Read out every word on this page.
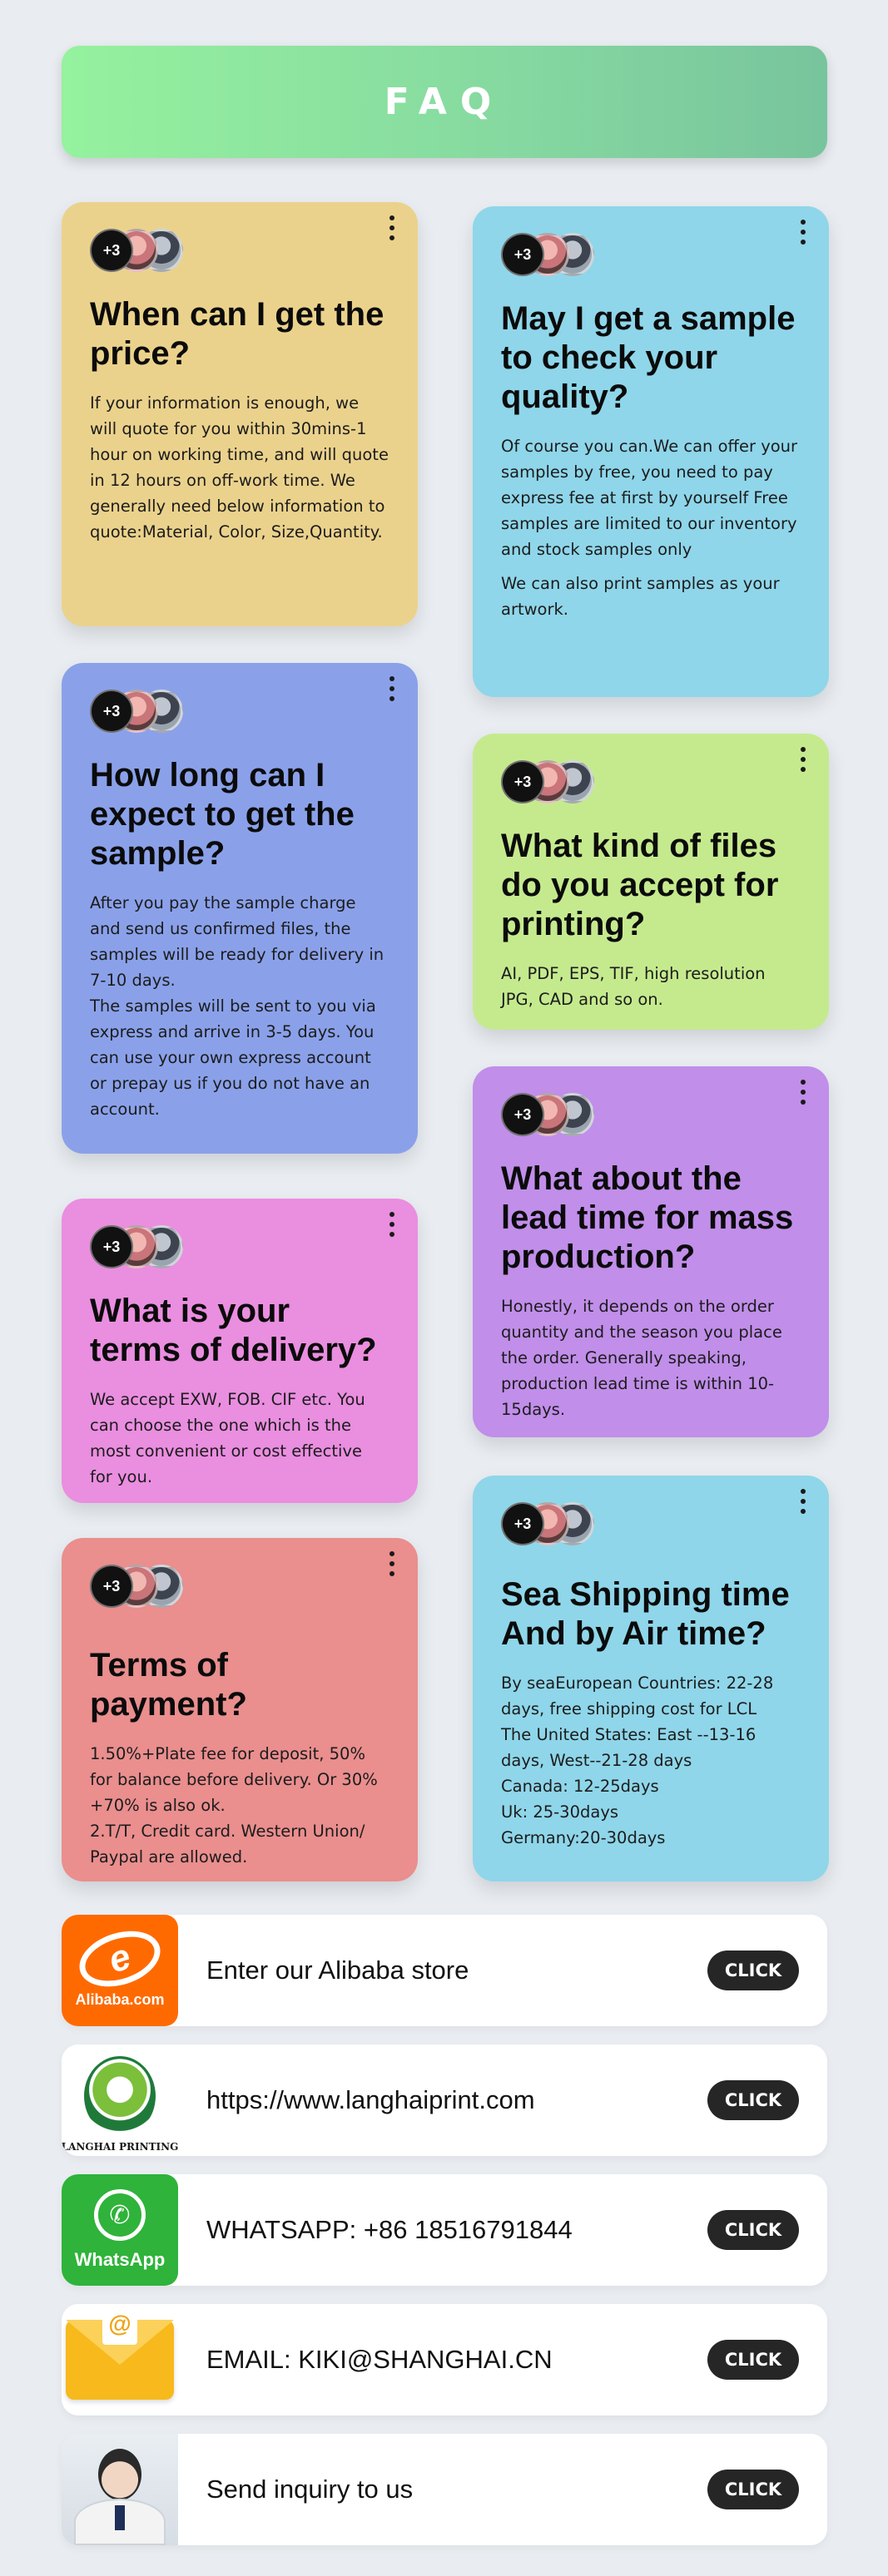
FAQ
+3
When can I get the price?

If your information is enough, we will quote for you within 30mins-1 hour on working time, and will quote in 12 hours on off-work time. We generally need below information to quote:Material, Color, Size,Quantity.

+3
How long can I expect to get the sample?

After you pay the sample charge and send us confirmed files, the samples will be ready for delivery in 7-10 days.
The samples will be sent to you via express and arrive in 3-5 days. You can use your own express account or prepay us if you do not have an account.

+3
What is your terms of delivery?

We accept EXW, FOB. CIF etc. You can choose the one which is the most convenient or cost effective for you.

+3
Terms of payment?

1.50%+Plate fee for deposit, 50% for balance before delivery. Or 30% +70% is also ok.
2.T/T, Credit card. Western Union/ Paypal are allowed.

+3
May I get a sample to check your quality?

Of course you can.We can offer your samples by free, you need to pay express fee at first by yourself Free samples are limited to our inventory and stock samples only

We can also print samples as your artwork.

+3
What kind of files do you accept for printing?

AI, PDF, EPS, TIF, high resolution JPG, CAD and so on.

+3
What about the lead time for mass production?

Honestly, it depends on the order quantity and the season you place the order. Generally speaking, production lead time is within 10-15days.

+3
Sea Shipping time And by Air time?

By seaEuropean Countries: 22-28 days, free shipping cost for LCL
The United States: East --13-16 days, West--21-28 days
Canada: 12-25days
Uk: 25-30days
Germany:20-30days

e
Alibaba.com
Enter our Alibaba store	CLICK
LANGHAI PRINTING
https://www.langhaiprint.com	CLICK
✆
WhatsApp
WHATSAPP: +86 18516791844	CLICK
@
EMAIL: KIKI@SHANGHAI.CN	CLICK
Send inquiry to us	CLICK
